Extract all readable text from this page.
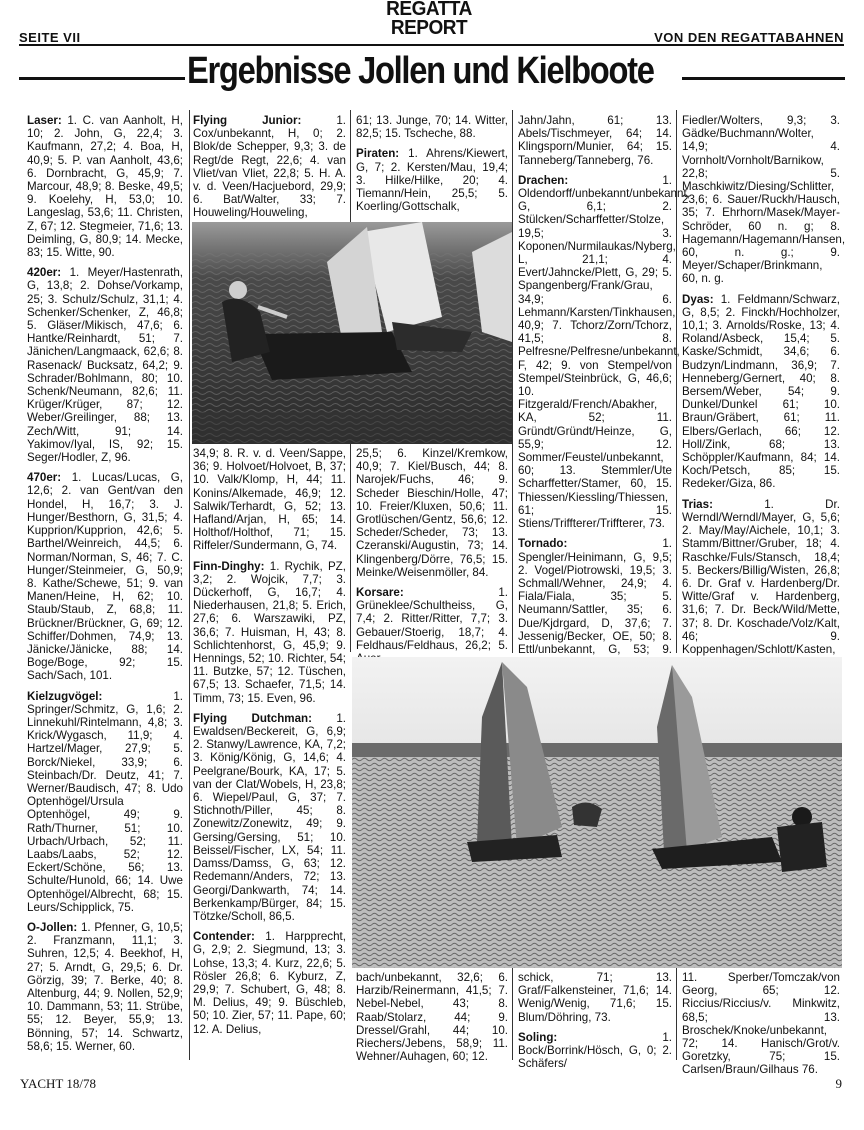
SEITE VII
REGATTA
REPORT	VON DEN REGATTABAHNEN
Ergebnisse Jollen und Kielboote

Laser: 1. C. van Aanholt, H, 10; 2. John, G, 22,4; 3. Kaufmann, 27,2; 4. Boa, H, 40,9; 5. P. van Aanholt, 43,6; 6. Dornbracht, G, 45,9; 7. Marcour, 48,9; 8. Beske, 49,5; 9. Koelehy, H, 53,0; 10. Langeslag, 53,6; 11. Christen, Z, 67; 12. Stegmeier, 71,6; 13. Deimling, G, 80,9; 14. Mecke, 83; 15. Witte, 90.

420er: 1. Meyer/Hastenrath, G, 13,8; 2. Dohse/Vorkamp, 25; 3. Schulz/Schulz, 31,1; 4. Schenker/Schenker, Z, 46,8; 5. Gläser/Mikisch, 47,6; 6. Hantke/Reinhardt, 51; 7. Jänichen/Langmaack, 62,6; 8. Rasenack/ Bucksatz, 64,2; 9. Schrader/Bohlmann, 80; 10. Schenk/Neumann, 82,6; 11. Krüger/Krüger, 87; 12. Weber/Greilinger, 88; 13. Zech/Witt, 91; 14. Yakimov/Iyal, IS, 92; 15. Seger/Hodler, Z, 96.

470er: 1. Lucas/Lucas, G, 12,6; 2. van Gent/van den Hondel, H, 16,7; 3. J. Hunger/Besthorn, G, 31,5; 4. Kupprion/Kupprion, 42,6; 5. Barthel/Weinreich, 44,5; 6. Norman/Norman, S, 46; 7. C. Hunger/Steinmeier, G, 50,9; 8. Kathe/Schewe, 51; 9. van Manen/Heine, H, 62; 10. Staub/Staub, Z, 68,8; 11. Brückner/Brückner, G, 69; 12. Schiffer/Dohmen, 74,9; 13. Jänicke/Jänicke, 88; 14. Boge/Boge, 92; 15. Sach/Sach, 101.

Kielzugvögel: 1. Springer/Schmitz, G, 1,6; 2. Linnekuhl/Rintelmann, 4,8; 3. Krick/Wygasch, 11,9; 4. Hartzel/Mager, 27,9; 5. Borck/Niekel, 33,9; 6. Steinbach/Dr. Deutz, 41; 7. Werner/Baudisch, 47; 8. Udo Optenhögel/Ursula Optenhögel, 49; 9. Rath/Thurner, 51; 10. Urbach/Urbach, 52; 11. Laabs/Laabs, 52; 12. Eckert/Schöne, 56; 13. Schulte/Hunold, 66; 14. Uwe Optenhögel/Albrecht, 68; 15. Leurs/Schipplick, 75.

O-Jollen: 1. Pfenner, G, 10,5; 2. Franzmann, 11,1; 3. Suhren, 12,5; 4. Beekhof, H, 27; 5. Arndt, G, 29,5; 6. Dr. Görzig, 39; 7. Berke, 40; 8. Altenburg, 44; 9. Nollen, 52,9; 10. Dammann, 53; 11. Strübe, 55; 12. Beyer, 55,9; 13. Bönning, 57; 14. Schwartz, 58,6; 15. Werner, 60.

Flying Junior: 1. Cox/unbekannt, H, 0; 2. Blok/de Schepper, 9,3; 3. de Regt/de Regt, 22,6; 4. van Vliet/van Vliet, 22,8; 5. H. A. v. d. Veen/Hacjuebord, 29,9; 6. Bat/Walter, 33; 7. Houweling/Houweling,

61; 13. Junge, 70; 14. Witter, 82,5; 15. Tscheche, 88.

Piraten: 1. Ahrens/Kiewert, G, 7; 2. Kersten/Mau, 19,4; 3. Hilke/Hilke, 20; 4. Tiemann/Hein, 25,5; 5. Koerling/Gottschalk,

34,9; 8. R. v. d. Veen/Sappe, 36; 9. Holvoet/Holvoet, B, 37; 10. Valk/Klomp, H, 44; 11. Konins/Alkemade, 46,9; 12. Salwik/Terhardt, G, 52; 13. Hafland/Arjan, H, 65; 14. Holthof/Holthof, 71; 15. Riffeler/Sundermann, G, 74.

Finn-Dinghy: 1. Rychik, PZ, 3,2; 2. Wojcik, 7,7; 3. Dückerhoff, G, 16,7; 4. Niederhausen, 21,8; 5. Erich, 27,6; 6. Warszawiki, PZ, 36,6; 7. Huisman, H, 43; 8. Schlichtenhorst, G, 45,9; 9. Hennings, 52; 10. Richter, 54; 11. Butzke, 57; 12. Tüschen, 67,5; 13. Schaefer, 71,5; 14. Timm, 73; 15. Even, 96.

Flying Dutchman: 1. Ewaldsen/Beckereit, G, 6,9; 2. Stanwy/Lawrence, KA, 7,2; 3. König/König, G, 14,6; 4. Peelgrane/Bourk, KA, 17; 5. van der Clat/Wobels, H, 23,8; 6. Wiepel/Paul, G, 37; 7. Stichnoth/Piller, 45; 8. Zonewitz/Zonewitz, 49; 9. Gersing/Gersing, 51; 10. Beissel/Fischer, LX, 54; 11. Damss/Damss, G, 63; 12. Redemann/Anders, 72; 13. Georgi/Dankwarth, 74; 14. Berkenkamp/Bürger, 84; 15. Tötzke/Scholl, 86,5.

Contender: 1. Harpprecht, G, 2,9; 2. Siegmund, 13; 3. Lohse, 13,3; 4. Kurz, 22,6; 5. Rösler 26,8; 6. Kyburz, Z, 29,9; 7. Schubert, G, 48; 8. M. Delius, 49; 9. Büschleb, 50; 10. Zier, 57; 11. Pape, 60; 12. A. Delius,

25,5; 6. Kinzel/Kremkow, 40,9; 7. Kiel/Busch, 44; 8. Narojek/Fuchs, 46; 9. Scheder Bieschin/Holle, 47; 10. Freier/Kluxen, 50,6; 11. Grotlüschen/Gentz, 56,6; 12. Scheder/Scheder, 73; 13. Czeranski/Augustin, 73; 14. Klingenberg/Dörre, 76,5; 15. Meinke/Weisenmöller, 84.

Korsare:	1. Grüneklee/Schultheiss, G, 7,4; 2. Ritter/Ritter, 7,7; 3. Gebauer/Stoerig, 18,7; 4. Feldhaus/Feldhaus, 26,2; 5.

Jahn/Jahn, 61; 13. Abels/Tischmeyer, 64; 14. Klingsporn/Munier, 64; 15. Tanneberg/Tanneberg, 76.

Drachen: 1. Oldendorff/unbekannt/unbekannt, G, 6,1; 2. Stülcken/Scharffetter/Stolze, 19,5; 3. Koponen/Nurmilaukas/Nyberg, L, 21,1; 4. Evert/Jahncke/Plett, G, 29; 5. Spangenberg/Frank/Grau, 34,9; 6. Lehmann/Karsten/Tinkhausen, 40,9; 7. Tchorz/Zorn/Tchorz, 41,5; 8. Pelfresne/Pelfresne/unbekannt, F, 42; 9. von Stempel/von Stempel/Steinbrück, G, 46,6; 10. Fitzgerald/French/Abakher, KA, 52; 11. Gründt/Gründt/Heinze, G, 55,9; 12. Sommer/Feustel/unbekannt, 60; 13. Stemmler/Ute Scharffetter/Stamer, 60, 15. Thiessen/Kiessling/Thiessen, 61; 15. Stiens/Triffterer/Triffterer, 73.

Tornado:	1. Spengler/Heinimann, G, 9,5; 2. Vogel/Piotrowski, 19,5; 3. Schmall/Wehner, 24,9; 4. Fiala/Fiala, 35; 5. Neumann/Sattler, 35; 6. Due/Kjdrgard, D, 37,6; 7. Jessenig/Becker, OE, 50; 8. Ettl/unbekannt, G, 53; 9.

Fiedler/Wolters, 9,3; 3. Gädke/Buchmann/Wolter, 14,9; 4. Vornholt/Vornholt/Barnikow, 22,8; 5. Maschkiwitz/Diesing/Schlitter, 23,6; 6. Sauer/Ruckh/Hausch, 35; 7. Ehrhorn/Masek/Mayer-Schröder, 60 n. g; 8. Hagemann/Hagemann/Hansen, 60, n. g.; 9. Meyer/Schaper/Brinkmann, 60, n. g.

Dyas: 1. Feldmann/Schwarz, G, 8,5; 2. Finckh/Hochholzer, 10,1; 3. Arnolds/Roske, 13; 4. Roland/Asbeck, 15,4; 5. Kaske/Schmidt, 34,6; 6. Budzyn/Lindmann, 36,9; 7. Henneberg/Gernert, 40; 8. Bersem/Weber, 54; 9. Dunkel/Dunkel 61; 10. Braun/Gräbert, 61; 11. Elbers/Gerlach, 66; 12. Holl/Zink, 68; 13. Schöppler/Kaufmann, 84; 14. Koch/Petsch, 85; 15. Redeker/Giza, 86.

Trias:	1. Dr. Werndl/Werndl/Mayer, G, 5,6; 2. May/May/Aichele, 10,1; 3. Stamm/Bittner/Gruber, 18; 4. Raschke/Fuls/Stansch, 18,4; 5. Beckers/Billig/Wisten, 26,8; 6. Dr. Graf v. Hardenberg/Dr. Witte/Graf v. Hardenberg, 31,6; 7. Dr. Beck/Wild/Mette, 37; 8. Dr. Koschade/Volz/Kalt, 46; 9. Koppenhagen/Schlott/Kasten,

bach/unbekannt, 32,6; 6. Harzib/Reinermann, 41,5; 7. Nebel-Nebel, 43; 8. Raab/Stolarz, 44; 9. Dressel/Grahl, 44; 10. Riechers/Jebens, 58,9; 11. Wehner/Auhagen, 60; 12.

schick, 71; 13. Graf/Falkensteiner, 71,6; 14. Wenig/Wenig, 71,6; 15. Blum/Döhring, 73.

Soling: 1. Bock/Borrink/Hösch, G, 0; 2. Schäfers/

11. Sperber/Tomczak/von Georg, 65; 12. Riccius/Riccius/v. Minkwitz, 68,5; 13. Broschek/Knoke/unbekannt, 72; 14. Hanisch/Grot/v. Goretzky, 75; 15. Carlsen/Braun/Gilhaus 76.

YACHT 18/78	9
